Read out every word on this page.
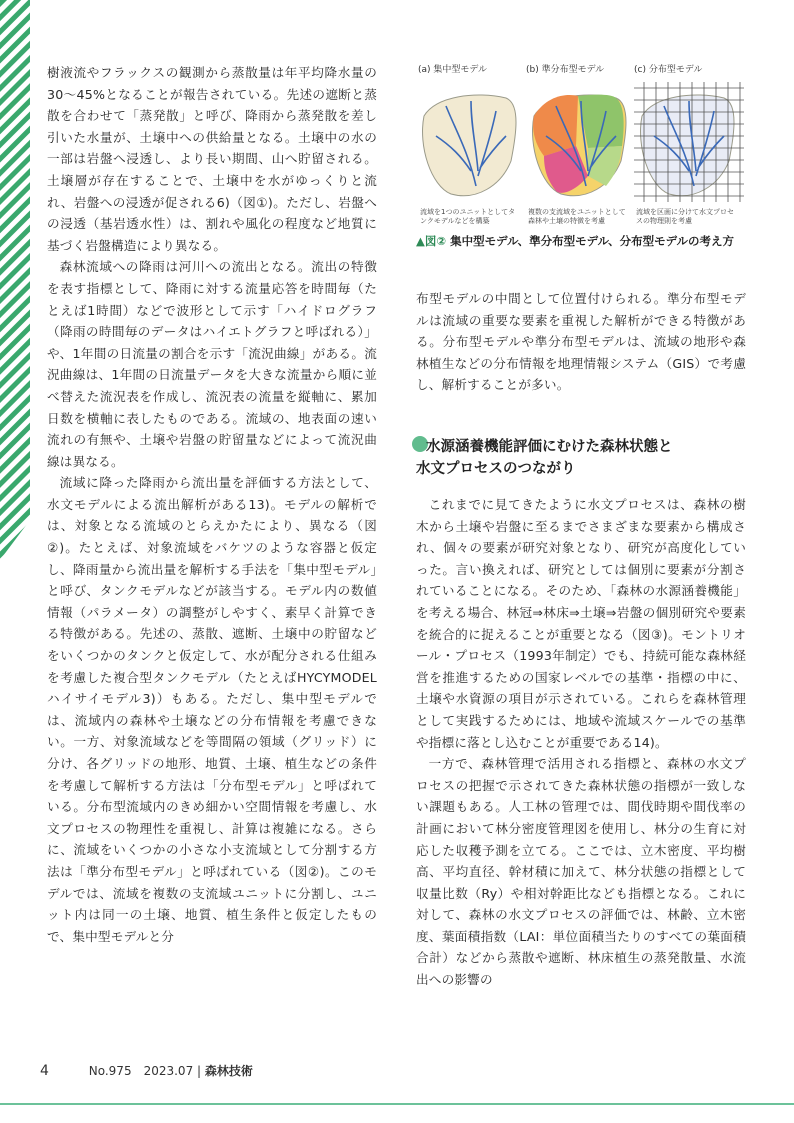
樹液流やフラックスの観測から蒸散量は年平均降水量の30〜45%となることが報告されている。先述の遮断と蒸散を合わせて「蒸発散」と呼び、降雨から蒸発散を差し引いた水量が、土壌中への供給量となる。土壌中の水の一部は岩盤へ浸透し、より長い期間、山へ貯留される。土壌層が存在することで、土壌中を水がゆっくりと流れ、岩盤への浸透が促される6)（図①)。ただし、岩盤への浸透（基岩透水性）は、割れや風化の程度など地質に基づく岩盤構造により異なる。

森林流域への降雨は河川への流出となる。流出の特徴を表す指標として、降雨に対する流量応答を時間毎（たとえば1時間）などで波形として示す「ハイドログラフ（降雨の時間毎のデータはハイエトグラフと呼ばれる）」や、1年間の日流量の割合を示す「流況曲線」がある。流況曲線は、1年間の日流量データを大きな流量から順に並べ替えた流況表を作成し、流況表の流量を縦軸に、累加日数を横軸に表したものである。流域の、地表面の速い流れの有無や、土壌や岩盤の貯留量などによって流況曲線は異なる。

流域に降った降雨から流出量を評価する方法として、水文モデルによる流出解析がある13)。モデルの解析では、対象となる流域のとらえかたにより、異なる（図②)。たとえば、対象流域をバケツのような容器と仮定し、降雨量から流出量を解析する手法を「集中型モデル」と呼び、タンクモデルなどが該当する。モデル内の数値情報（パラメータ）の調整がしやすく、素早く計算できる特徴がある。先述の、蒸散、遮断、土壌中の貯留などをいくつかのタンクと仮定して、水が配分される仕組みを考慮した複合型タンクモデル（たとえばHYCYMODEL ハイサイモデル3)）もある。ただし、集中型モデルでは、流域内の森林や土壌などの分布情報を考慮できない。一方、対象流域などを等間隔の領域（グリッド）に分け、各グリッドの地形、地質、土壌、植生などの条件を考慮して解析する方法は「分布型モデル」と呼ばれている。分布型流域内のきめ細かい空間情報を考慮し、水文プロセスの物理性を重視し、計算は複雑になる。さらに、流域をいくつかの小さな小支流域として分割する方法は「準分布型モデル」と呼ばれている（図②)。このモデルでは、流域を複数の支流域ユニットに分割し、ユニット内は同一の土壌、地質、植生条件と仮定したもので、集中型モデルと分

(a) 集中型モデル	(b) 準分布型モデル	(c) 分布型モデル
流域を1つのユニットとしてタンクモデルなどを構築
複数の支流域をユニットとして森林や土壌の特徴を考慮
流域を区画に分けて水文プロセスの物理則を考慮
▲図② 集中型モデル、準分布型モデル、分布型モデルの考え方

布型モデルの中間として位置付けられる。準分布型モデルは流域の重要な要素を重視した解析ができる特徴がある。分布型モデルや準分布型モデルは、流域の地形や森林植生などの分布情報を地理情報システム（GIS）で考慮し、解析することが多い。

水源涵養機能評価にむけた森林状態と
水文プロセスのつながり

これまでに見てきたように水文プロセスは、森林の樹木から土壌や岩盤に至るまでさまざまな要素から構成され、個々の要素が研究対象となり、研究が高度化していった。言い換えれば、研究としては個別に要素が分割されていることになる。そのため、「森林の水源涵養機能」を考える場合、林冠⇒林床⇒土壌⇒岩盤の個別研究や要素を統合的に捉えることが重要となる（図③)。モントリオール・プロセス（1993年制定）でも、持続可能な森林経営を推進するための国家レベルでの基準・指標の中に、土壌や水資源の項目が示されている。これらを森林管理として実践するためには、地域や流域スケールでの基準や指標に落とし込むことが重要である14)。

一方で、森林管理で活用される指標と、森林の水文プロセスの把握で示されてきた森林状態の指標が一致しない課題もある。人工林の管理では、間伐時期や間伐率の計画において林分密度管理図を使用し、林分の生育に対応した収穫予測を立てる。ここでは、立木密度、平均樹高、平均直径、幹材積に加えて、林分状態の指標として収量比数（Ry）や相対幹距比なども指標となる。これに対して、森林の水文プロセスの評価では、林齢、立木密度、葉面積指数（LAI：単位面積当たりのすべての葉面積合計）などから蒸散や遮断、林床植生の蒸発散量、水流出への影響の

4	No.975　2023.07 | 森林技術
